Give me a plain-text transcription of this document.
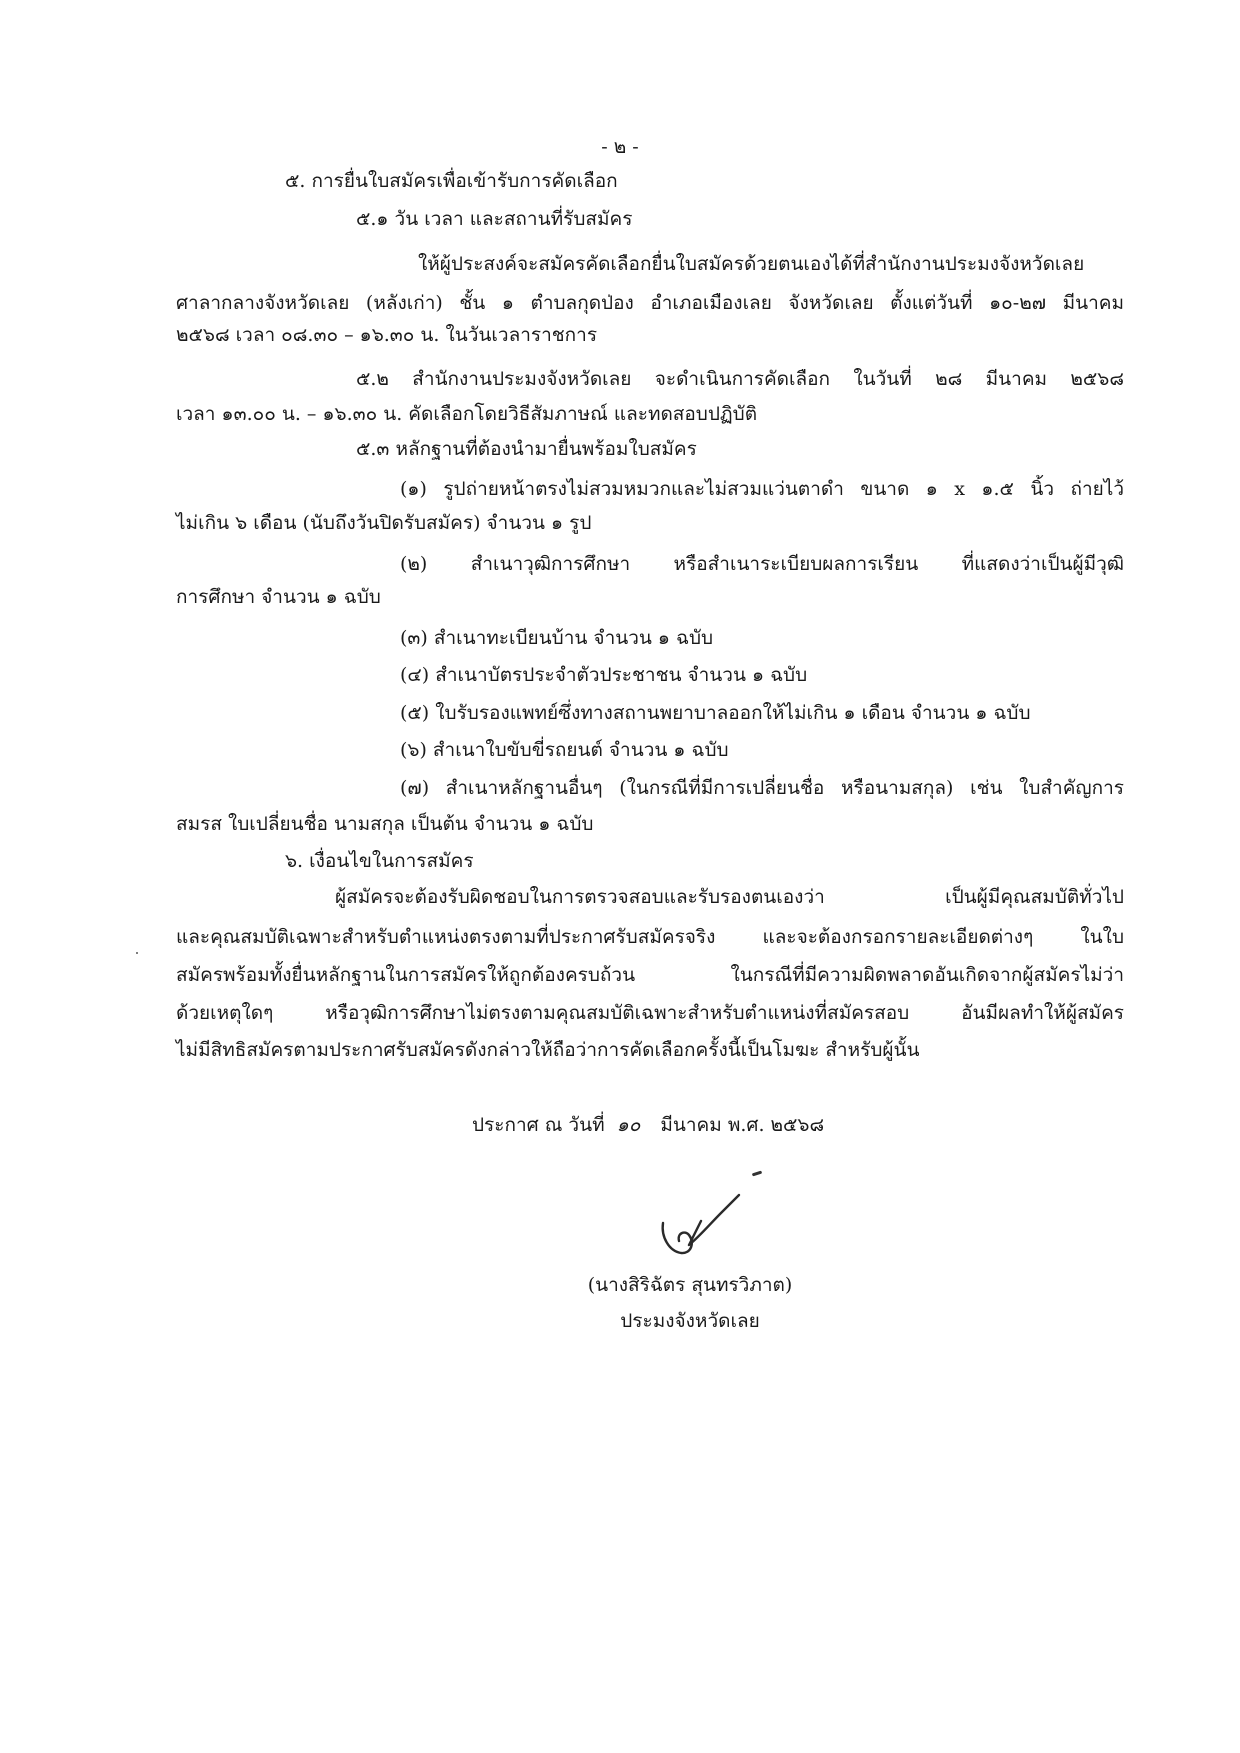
- ๒ -
๕. การยื่นใบสมัครเพื่อเข้ารับการคัดเลือก
๕.๑ วัน เวลา และสถานที่รับสมัคร
ให้ผู้ประสงค์จะสมัครคัดเลือกยื่นใบสมัครด้วยตนเองได้ที่สำนักงานประมงจังหวัดเลย
ศาลากลางจังหวัดเลย (หลังเก่า) ชั้น ๑ ตำบลกุดป่อง อำเภอเมืองเลย จังหวัดเลย ตั้งแต่วันที่ ๑๐-๒๗ มีนาคม
๒๕๖๘ เวลา ๐๘.๓๐ – ๑๖.๓๐ น. ในวันเวลาราชการ
๕.๒ สำนักงานประมงจังหวัดเลย จะดำเนินการคัดเลือก ในวันที่ ๒๘ มีนาคม ๒๕๖๘
เวลา ๑๓.๐๐ น. – ๑๖.๓๐ น. คัดเลือกโดยวิธีสัมภาษณ์ และทดสอบปฏิบัติ
๕.๓ หลักฐานที่ต้องนำมายื่นพร้อมใบสมัคร
(๑) รูปถ่ายหน้าตรงไม่สวมหมวกและไม่สวมแว่นตาดำ ขนาด ๑ x ๑.๕ นิ้ว ถ่ายไว้
ไม่เกิน ๖ เดือน (นับถึงวันปิดรับสมัคร) จำนวน ๑ รูป
(๒) สำเนาวุฒิการศึกษา หรือสำเนาระเบียบผลการเรียน ที่แสดงว่าเป็นผู้มีวุฒิ
การศึกษา จำนวน ๑ ฉบับ
(๓) สำเนาทะเบียนบ้าน จำนวน ๑ ฉบับ
(๔) สำเนาบัตรประจำตัวประชาชน จำนวน ๑ ฉบับ
(๕) ใบรับรองแพทย์ซึ่งทางสถานพยาบาลออกให้ไม่เกิน ๑ เดือน จำนวน ๑ ฉบับ
(๖) สำเนาใบขับขี่รถยนต์ จำนวน ๑ ฉบับ
(๗) สำเนาหลักฐานอื่นๆ (ในกรณีที่มีการเปลี่ยนชื่อ หรือนามสกุล) เช่น ใบสำคัญการ
สมรส ใบเปลี่ยนชื่อ นามสกุล เป็นต้น จำนวน ๑ ฉบับ
๖. เงื่อนไขในการสมัคร
ผู้สมัครจะต้องรับผิดชอบในการตรวจสอบและรับรองตนเองว่า เป็นผู้มีคุณสมบัติทั่วไป
และคุณสมบัติเฉพาะสำหรับตำแหน่งตรงตามที่ประกาศรับสมัครจริง และจะต้องกรอกรายละเอียดต่างๆ ในใบ
สมัครพร้อมทั้งยื่นหลักฐานในการสมัครให้ถูกต้องครบถ้วน ในกรณีที่มีความผิดพลาดอันเกิดจากผู้สมัครไม่ว่า
ด้วยเหตุใดๆ หรือวุฒิการศึกษาไม่ตรงตามคุณสมบัติเฉพาะสำหรับตำแหน่งที่สมัครสอบ อันมีผลทำให้ผู้สมัคร
ไม่มีสิทธิสมัครตามประกาศรับสมัครดังกล่าวให้ถือว่าการคัดเลือกครั้งนี้เป็นโมฆะ สำหรับผู้นั้น
ประกาศ ณ วันที่ ๑๐ มีนาคม พ.ศ. ๒๕๖๘
(นางสิริฉัตร สุนทรวิภาต)
ประมงจังหวัดเลย
